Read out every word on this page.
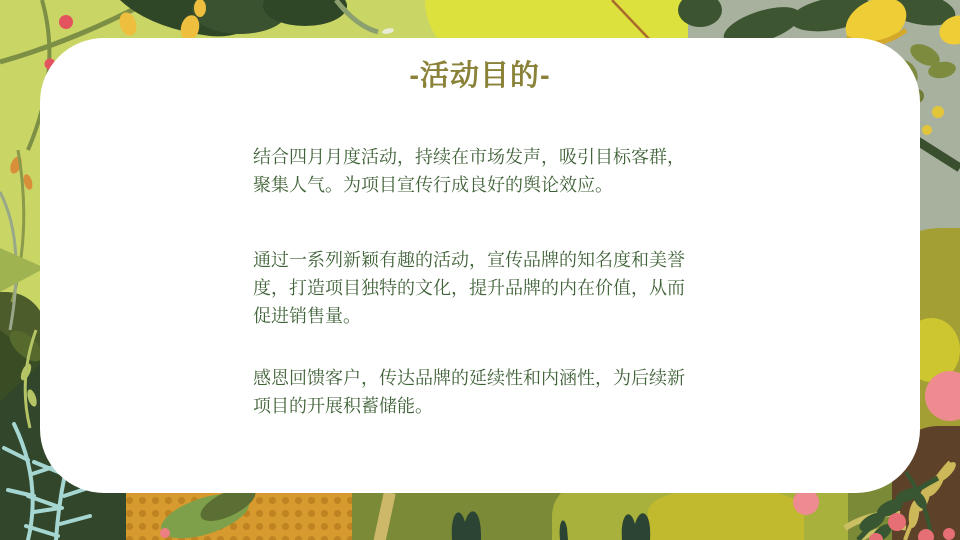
-活动目的-

结合四月月度活动，持续在市场发声，吸引目标客群，聚集人气。为项目宣传行成良好的舆论效应。

通过一系列新颖有趣的活动，宣传品牌的知名度和美誉度，打造项目独特的文化，提升品牌的内在价值，从而促进销售量。

感恩回馈客户，传达品牌的延续性和内涵性，为后续新项目的开展积蓄储能。
